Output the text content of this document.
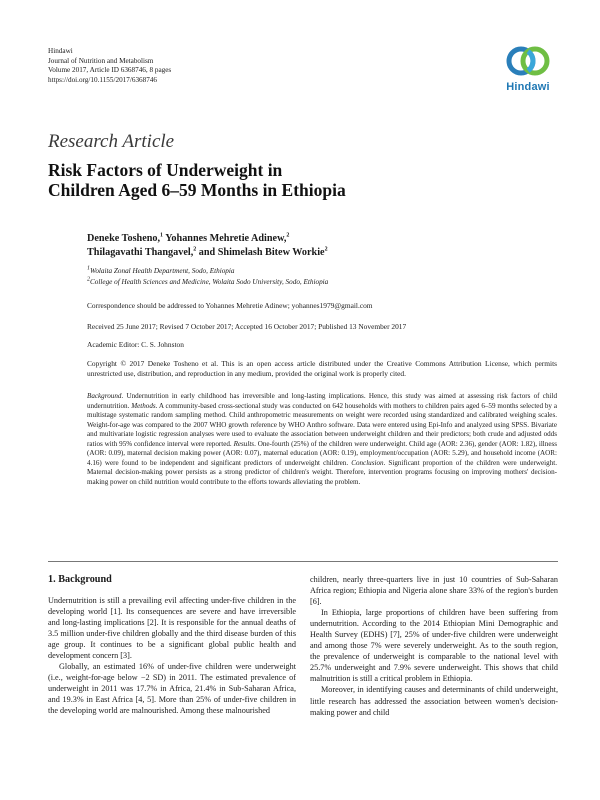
Hindawi
Journal of Nutrition and Metabolism
Volume 2017, Article ID 6368746, 8 pages
https://doi.org/10.1155/2017/6368746
Hindawi
Research Article
Risk Factors of Underweight in
Children Aged 6–59 Months in Ethiopia
Deneke Tosheno,$^1$ Yohannes Mehretie Adinew,$^2$
Thilagavathi Thangavel,$^2$ and Shimelash Bitew Workie$^2$
$^1$Wolaita Zonal Health Department, Sodo, Ethiopia
$^2$College of Health Sciences and Medicine, Wolaita Sodo University, Sodo, Ethiopia
Correspondence should be addressed to Yohannes Mehretie Adinew; yohannes1979@gmail.com
Received 25 June 2017; Revised 7 October 2017; Accepted 16 October 2017; Published 13 November 2017
Academic Editor: C. S. Johnston
Copyright © 2017 Deneke Tosheno et al. This is an open access article distributed under the Creative Commons Attribution License, which permits unrestricted use, distribution, and reproduction in any medium, provided the original work is properly cited.
Background. Undernutrition in early childhood has irreversible and long-lasting implications. Hence, this study was aimed at assessing risk factors of child undernutrition. Methods. A community-based cross-sectional study was conducted on 642 households with mothers to children pairs aged 6–59 months selected by a multistage systematic random sampling method. Child anthropometric measurements on weight were recorded using standardized and calibrated weighing scales. Weight-for-age was compared to the 2007 WHO growth reference by WHO Anthro software. Data were entered using Epi-Info and analyzed using SPSS. Bivariate and multivariate logistic regression analyses were used to evaluate the association between underweight children and their predictors; both crude and adjusted odds ratios with 95% confidence interval were reported. Results. One-fourth (25%) of the children were underweight. Child age (AOR: 2.36), gender (AOR: 1.82), illness (AOR: 0.09), maternal decision making power (AOR: 0.07), maternal education (AOR: 0.19), employment/occupation (AOR: 5.29), and household income (AOR: 4.16) were found to be independent and significant predictors of underweight children. Conclusion. Significant proportion of the children were underweight. Maternal decision-making power persists as a strong predictor of children's weight. Therefore, intervention programs focusing on improving mothers' decision-making power on child nutrition would contribute to the efforts towards alleviating the problem.
1. Background

Undernutrition is still a prevailing evil affecting under-five children in the developing world [1]. Its consequences are severe and have irreversible and long-lasting implications [2]. It is responsible for the annual deaths of 3.5 million under-five children globally and the third disease burden of this age group. It continues to be a significant global public health and development concern [3].

Globally, an estimated 16% of under-five children were underweight (i.e., weight-for-age below −2 SD) in 2011. The estimated prevalence of underweight in 2011 was 17.7% in Africa, 21.4% in Sub-Saharan Africa, and 19.3% in East Africa [4, 5]. More than 25% of under-five children in the developing world are malnourished. Among these malnourished

children, nearly three-quarters live in just 10 countries of Sub-Saharan Africa region; Ethiopia and Nigeria alone share 33% of the region's burden [6].

In Ethiopia, large proportions of children have been suffering from undernutrition. According to the 2014 Ethiopian Mini Demographic and Health Survey (EDHS) [7], 25% of under-five children were underweight and among those 7% were severely underweight. As to the south region, the prevalence of underweight is comparable to the national level with 25.7% underweight and 7.9% severe underweight. This shows that child malnutrition is still a critical problem in Ethiopia.

Moreover, in identifying causes and determinants of child underweight, little research has addressed the association between women's decision-making power and child
